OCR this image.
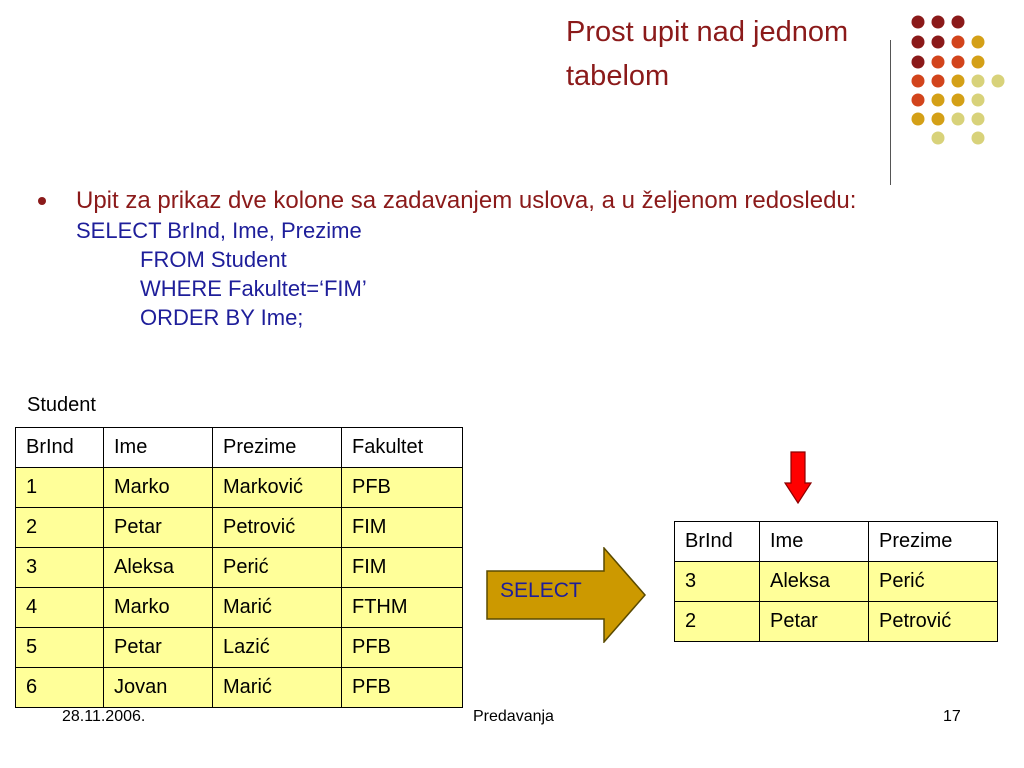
Prost upit nad jednom
tabelom
Upit za prikaz dve kolone sa zadavanjem uslova, a u željenom redosledu:
SELECT BrInd, Ime, Prezime
FROM Student
WHERE Fakultet=‘FIM’
ORDER BY Ime;
Student
BrInd	Ime	Prezime	Fakultet
1	Marko	Marković	PFB
2	Petar	Petrović	FIM
3	Aleksa	Perić	FIM
4	Marko	Marić	FTHM
5	Petar	Lazić	PFB
6	Jovan	Marić	PFB
SELECT
BrInd	Ime	Prezime
3	Aleksa	Perić
2	Petar	Petrović
28.11.2006.	Predavanja	17
